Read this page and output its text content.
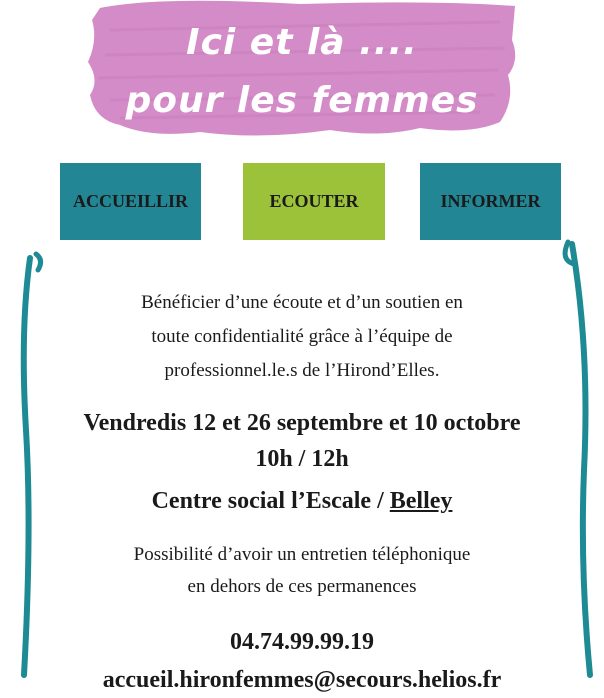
Ici et là ....
pour les femmes
ACCUEILLIR	ECOUTER	INFORMER
Bénéficier d’une écoute et d’un soutien en
toute confidentialité grâce à l’équipe de
professionnel.le.s de l’Hirond’Elles.
Vendredis 12 et 26 septembre et 10 octobre
10h / 12h
Centre social l’Escale / Belley
Possibilité d’avoir un entretien téléphonique
en dehors de ces permanences
04.74.99.99.19
accueil.hironfemmes@secours.helios.fr
